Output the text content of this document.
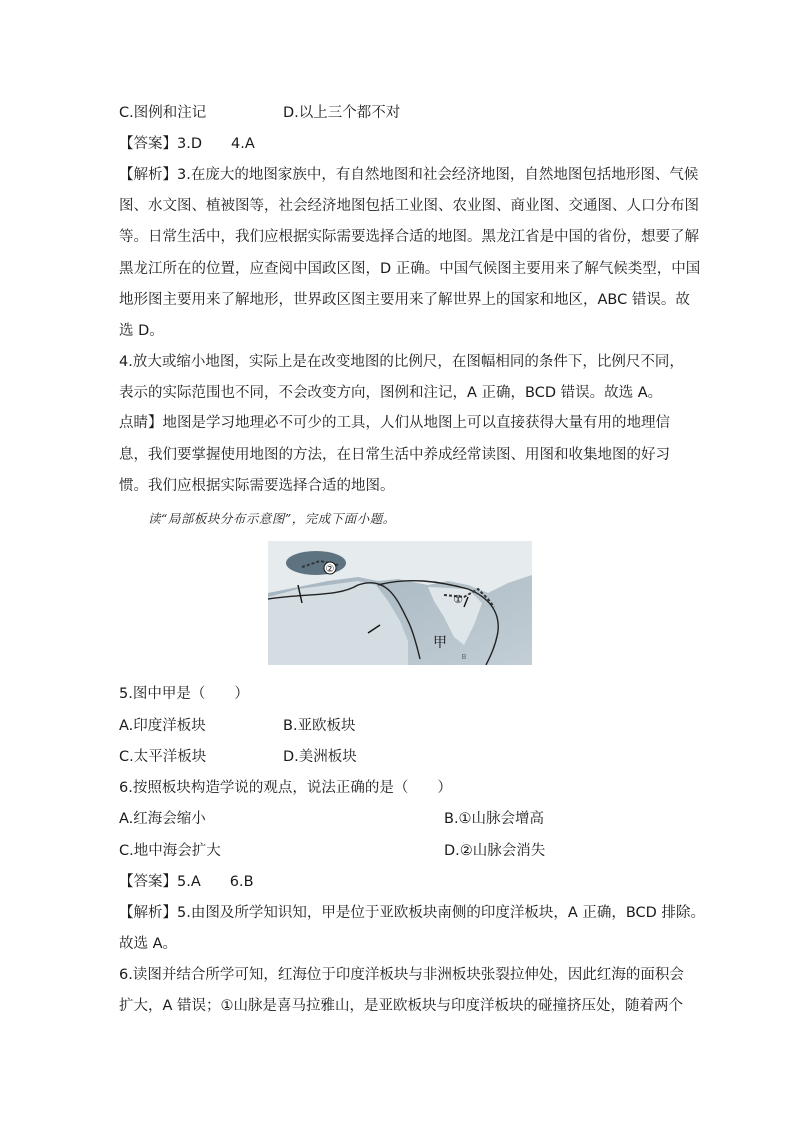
C.图例和注记	D.以上三个都不对
【答案】3.D　　4.A
【解析】3.在庞大的地图家族中，有自然地图和社会经济地图，自然地图包括地形图、气候
图、水文图、植被图等，社会经济地图包括工业图、农业图、商业图、交通图、人口分布图
等。日常生活中，我们应根据实际需要选择合适的地图。黑龙江省是中国的省份，想要了解
黑龙江所在的位置，应查阅中国政区图，D 正确。中国气候图主要用来了解气候类型，中国
地形图主要用来了解地形，世界政区图主要用来了解世界上的国家和地区，ABC 错误。故
选 D。
4.放大或缩小地图，实际上是在改变地图的比例尺，在图幅相同的条件下，比例尺不同，
表示的实际范围也不同，不会改变方向，图例和注记，A 正确，BCD 错误。故选 A。
点睛】地图是学习地理必不可少的工具，人们从地图上可以直接获得大量有用的地理信
息，我们要掌握使用地图的方法，在日常生活中养成经常读图、用图和收集地图的好习
惯。我们应根据实际需要选择合适的地图。
读“局部板块分布示意图”，完成下面小题。
②
①
甲
B
5.图中甲是（　　）
A.印度洋板块	B.亚欧板块
C.太平洋板块	D.美洲板块
6.按照板块构造学说的观点，说法正确的是（　　）
A.红海会缩小	B.①山脉会增高
C.地中海会扩大	D.②山脉会消失
【答案】5.A　　6.B
【解析】5.由图及所学知识知，甲是位于亚欧板块南侧的印度洋板块，A 正确，BCD 排除。
故选 A。
6.读图并结合所学可知，红海位于印度洋板块与非洲板块张裂拉伸处，因此红海的面积会
扩大，A 错误；①山脉是喜马拉雅山，是亚欧板块与印度洋板块的碰撞挤压处，随着两个
